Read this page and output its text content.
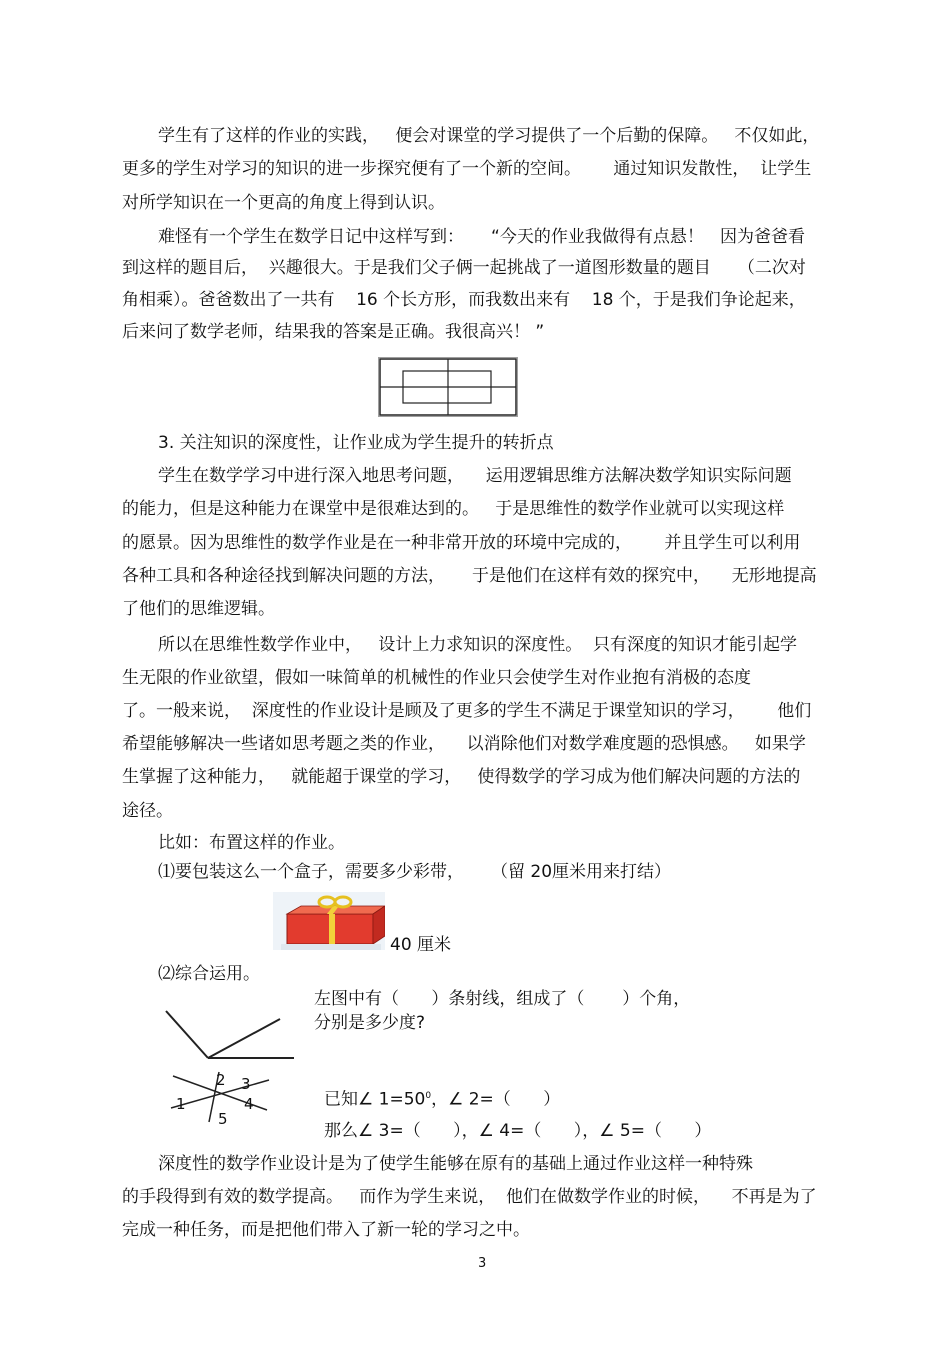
学生有了这样的作业的实践，   便会对课堂的学习提供了一个后勤的保障。   不仅如此，
更多的学生对学习的知识的进一步探究便有了一个新的空间。      通过知识发散性，  让学生
对所学知识在一个更高的角度上得到认识。
难怪有一个学生在数学日记中这样写到：     “今天的作业我做得有点悬！   因为爸爸看
到这样的题目后，  兴趣很大。于是我们父子俩一起挑战了一道图形数量的题目     （二次对
角相乘）。爸爸数出了一共有    16 个长方形，而我数出来有    18 个，于是我们争论起来，
后来问了数学老师，结果我的答案是正确。我很高兴！ ”
3. 关注知识的深度性，让作业成为学生提升的转折点
学生在数学学习中进行深入地思考问题，    运用逻辑思维方法解决数学知识实际问题
的能力，但是这种能力在课堂中是很难达到的。   于是思维性的数学作业就可以实现这样
的愿景。因为思维性的数学作业是在一种非常开放的环境中完成的，      并且学生可以利用
各种工具和各种途径找到解决问题的方法，     于是他们在这样有效的探究中，    无形地提高
了他们的思维逻辑。
所以在思维性数学作业中，   设计上力求知识的深度性。  只有深度的知识才能引起学
生无限的作业欲望，假如一味简单的机械性的作业只会使学生对作业抱有消极的态度
了。一般来说，  深度性的作业设计是顾及了更多的学生不满足于课堂知识的学习，      他们
希望能够解决一些诸如思考题之类的作业，    以消除他们对数学难度题的恐惧感。   如果学
生掌握了这种能力，   就能超于课堂的学习，   使得数学的学习成为他们解决问题的方法的
途径。
比如：布置这样的作业。
⑴要包装这么一个盒子，需要多少彩带，     （留 20厘米用来打结）
40 厘米
⑵综合运用。
左图中有（      ）条射线，组成了（       ）个角，
分别是多少度?
1
2 3
4
5
已知∠ $1=50^0$，∠ 2=（      ）
那么∠ 3=（      ），∠ 4=（      ），∠ 5=（      ）
深度性的数学作业设计是为了使学生能够在原有的基础上通过作业这样一种特殊
的手段得到有效的数学提高。   而作为学生来说，  他们在做数学作业的时候，    不再是为了
完成一种任务，而是把他们带入了新一轮的学习之中。
3
